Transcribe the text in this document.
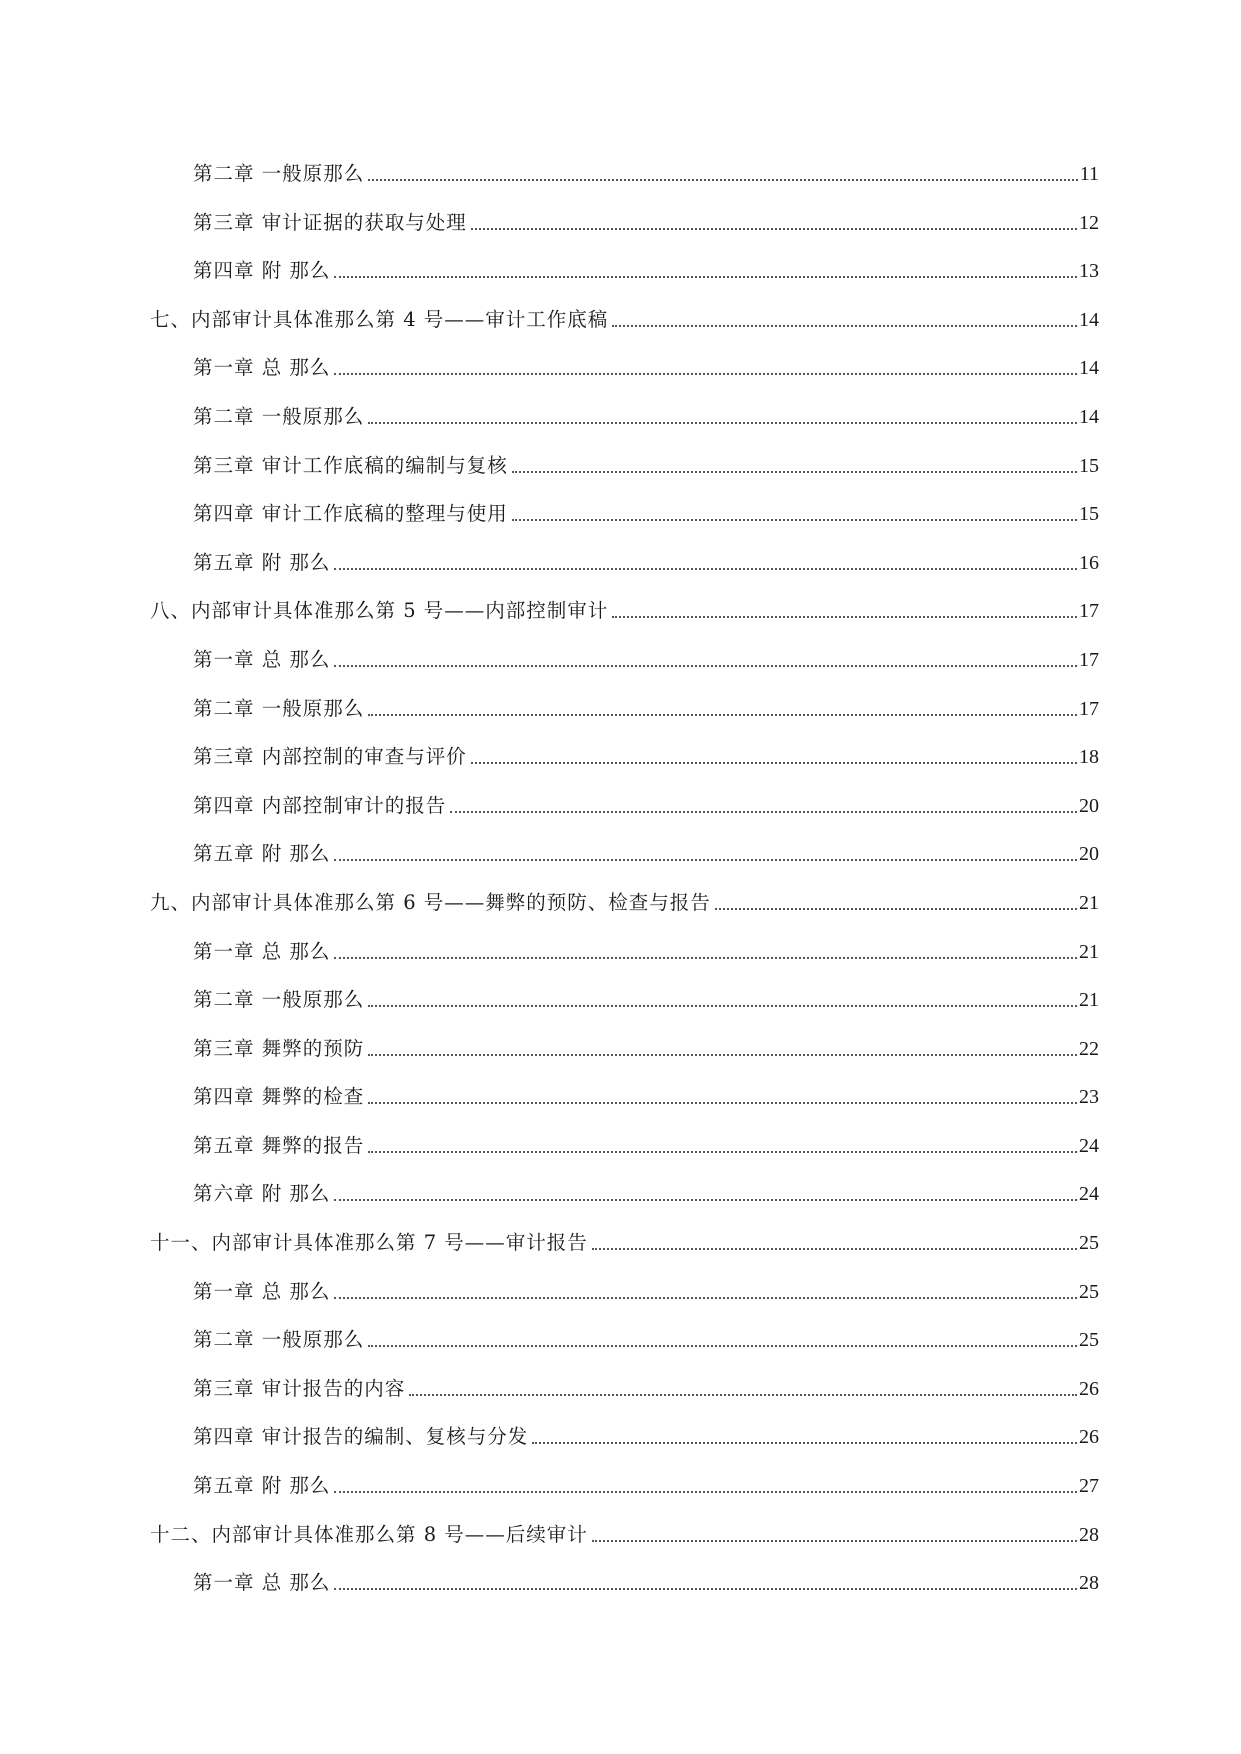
第二章 一般原那么	11
第三章 审计证据的获取与处理	12
第四章 附 那么	13
七、内部审计具体准那么第 4 号——审计工作底稿	14
第一章 总 那么	14
第二章 一般原那么	14
第三章 审计工作底稿的编制与复核	15
第四章 审计工作底稿的整理与使用	15
第五章 附 那么	16
八、内部审计具体准那么第 5 号——内部控制审计	17
第一章 总 那么	17
第二章 一般原那么	17
第三章 内部控制的审查与评价	18
第四章 内部控制审计的报告	20
第五章 附 那么	20
九、内部审计具体准那么第 6 号——舞弊的预防、检查与报告	21
第一章 总 那么	21
第二章 一般原那么	21
第三章 舞弊的预防	22
第四章 舞弊的检查	23
第五章 舞弊的报告	24
第六章 附 那么	24
十一、内部审计具体准那么第 7 号——审计报告	25
第一章 总 那么	25
第二章 一般原那么	25
第三章 审计报告的内容	26
第四章 审计报告的编制、复核与分发	26
第五章 附 那么	27
十二、内部审计具体准那么第 8 号——后续审计	28
第一章 总 那么	28
